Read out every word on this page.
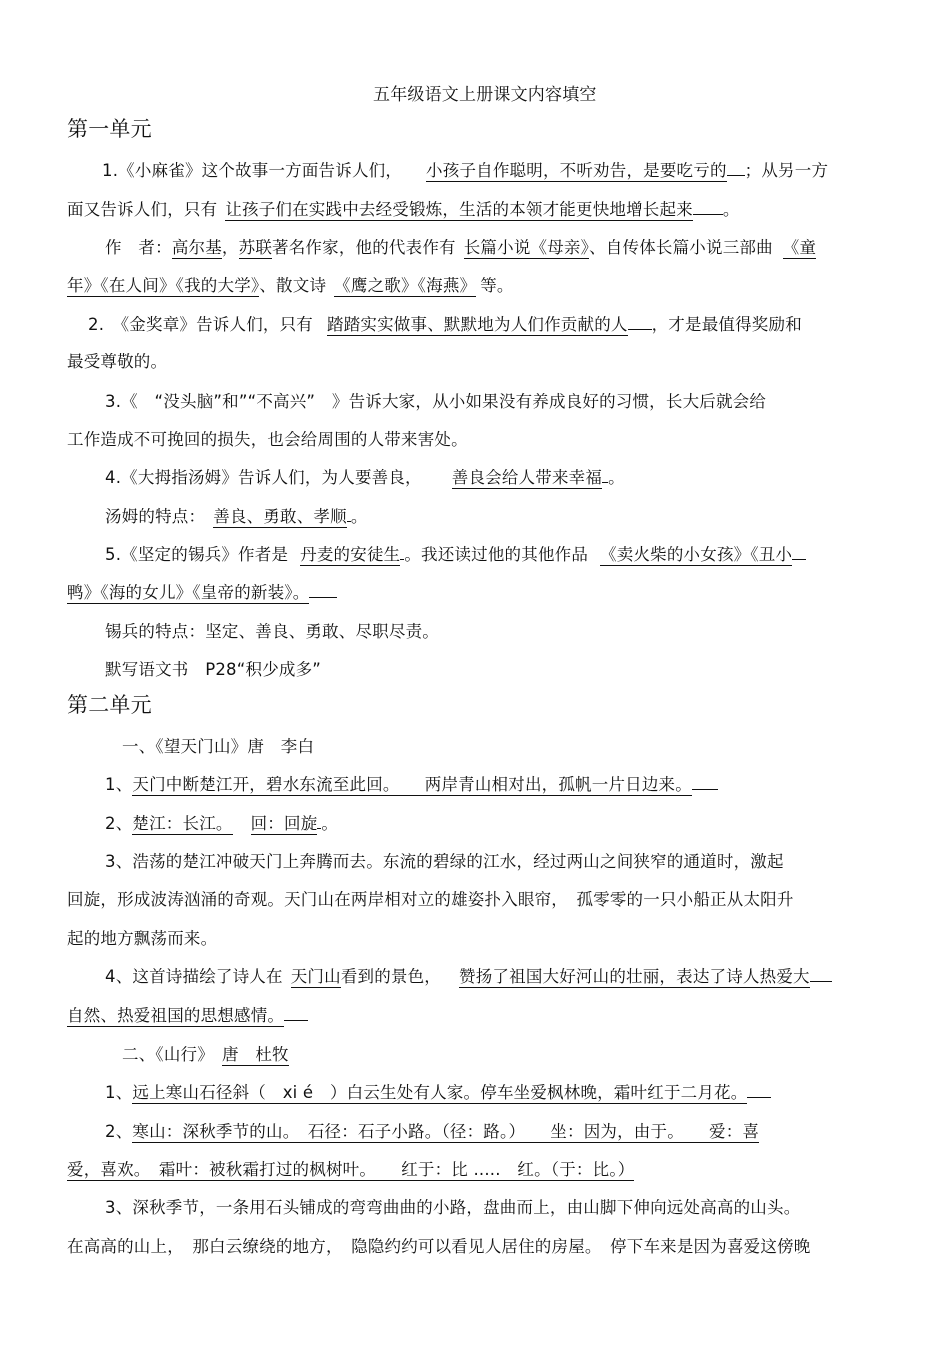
五年级语文上册课文内容填空
第一单元
1.《小麻雀》这个故事一方面告诉人们， 小孩子自作聪明，不听劝告，是要吃亏的 ；从另一方
面又告诉人们，只有 让孩子们在实践中去经受锻炼，生活的本领才能更快地增长起来 。
作　者：高尔基，苏联著名作家，他的代表作有 长篇小说《母亲》、自传体长篇小说三部曲 《童
年》《在人间》《我的大学》、散文诗 《鹰之歌》《海燕》 等。
2.　《金奖章》告诉人们，只有 踏踏实实做事、默默地为人们作贡献的人 ，才是最值得奖励和
最受尊敬的。
3.《　“没头脑”和”“不高兴”　》告诉大家，从小如果没有养成良好的习惯，长大后就会给
工作造成不可挽回的损失，也会给周围的人带来害处。
4.《大拇指汤姆》告诉人们，为人要善良， 善良会给人带来幸福 。
汤姆的特点： 善良、勇敢、孝顺 。
5.《坚定的锡兵》作者是 丹麦的安徒生 。我还读过他的其他作品 《卖火柴的小女孩》《丑小
鸭》《海的女儿》《皇帝的新装》。
锡兵的特点：坚定、善良、勇敢、尽职尽责。
默写语文书　P28“积少成多”
第二单元
一、《望天门山》唐　李白
1、天门中断楚江开，碧水东流至此回。　　两岸青山相对出，孤帆一片日边来。
2、楚江：长江。 回：回旋 。
3、浩荡的楚江冲破天门上奔腾而去。东流的碧绿的江水，经过两山之间狭窄的通道时，激起
回旋，形成波涛汹涌的奇观。天门山在两岸相对立的雄姿扑入眼帘，　孤零零的一只小船正从太阳升
起的地方飘荡而来。
4、这首诗描绘了诗人在 天门山看到的景色， 赞扬了祖国大好河山的壮丽，表达了诗人热爱大
自然、热爱祖国的思想感情。
二、《山行》 唐　杜牧
1、远上寒山石径斜（　xi é　）白云生处有人家。停车坐爱枫林晚，霜叶红于二月花。
2、寒山：深秋季节的山。　石径：石子小路。（径：路。）　　坐：因为，由于。　　爱：喜
爱，喜欢。　霜叶：被秋霜打过的枫树叶。　　红于：比 .....　红。（于：比。）
3、深秋季节，一条用石头铺成的弯弯曲曲的小路，盘曲而上，由山脚下伸向远处高高的山头。
在高高的山上，　那白云缭绕的地方，　隐隐约约可以看见人居住的房屋。　停下车来是因为喜爱这傍晚
